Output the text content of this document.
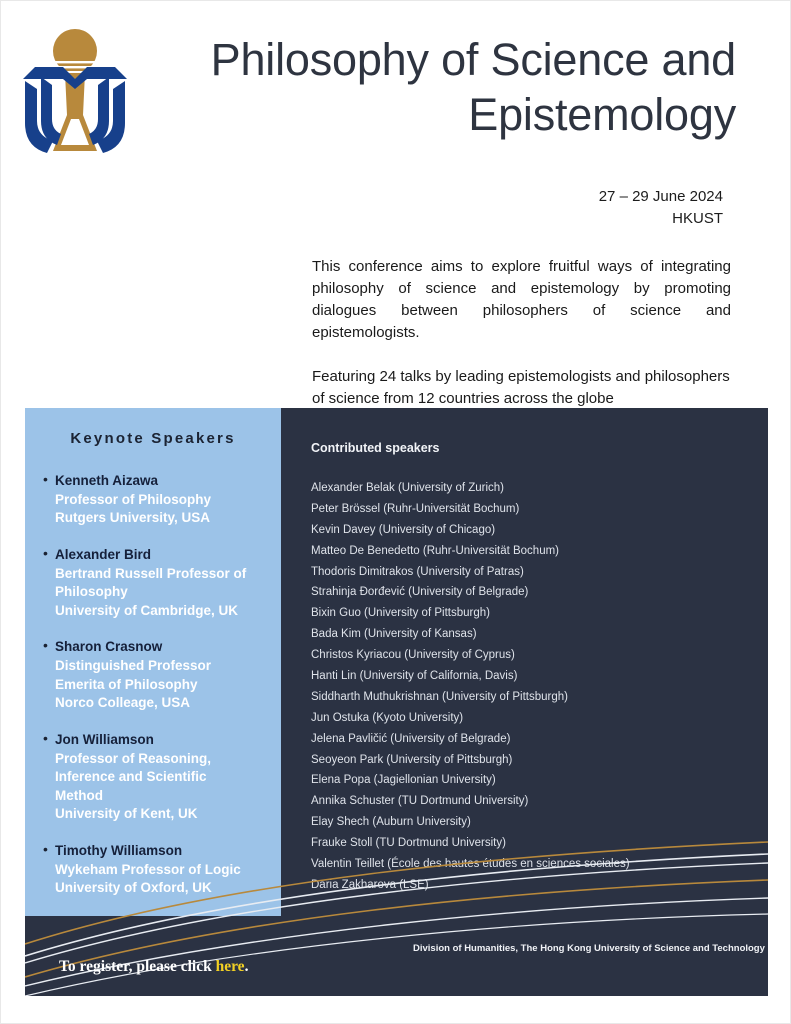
Philosophy of Science and
Epistemology
27 – 29 June 2024
HKUST

This conference aims to explore fruitful ways of integrating philosophy of science and epistemology by promoting dialogues between philosophers of science and epistemologists.

Featuring 24 talks by leading epistemologists and philosophers of science from 12 countries across the globe

Keynote Speakers
• Kenneth Aizawa
Professor of Philosophy
Rutgers University, USA
• Alexander Bird
Bertrand Russell Professor of
Philosophy
University of Cambridge, UK
• Sharon Crasnow
Distinguished Professor
Emerita of Philosophy
Norco Colleage, USA
• Jon Williamson
Professor of Reasoning,
Inference and Scientific
Method
University of Kent, UK
• Timothy Williamson
Wykeham Professor of Logic
University of Oxford, UK
Contributed speakers
Alexander Belak (University of Zurich)
Peter Brössel (Ruhr-Universität Bochum)
Kevin Davey (University of Chicago)
Matteo De Benedetto (Ruhr-Universität Bochum)
Thodoris Dimitrakos (University of Patras)
Strahinja Đorđević (University of Belgrade)
Bixin Guo (University of Pittsburgh)
Bada Kim (University of Kansas)
Christos Kyriacou (University of Cyprus)
Hanti Lin (University of California, Davis)
Siddharth Muthukrishnan (University of Pittsburgh)
Jun Ostuka (Kyoto University)
Jelena Pavličić (University of Belgrade)
Seoyeon Park (University of Pittsburgh)
Elena Popa (Jagiellonian University)
Annika Schuster (TU Dortmund University)
Elay Shech (Auburn University)
Frauke Stoll (TU Dortmund University)
Valentin Teillet (École des hautes études en sciences sociales)
Daria Zakharova (LSE)
To register, please click here.
Division of Humanities, The Hong Kong University of Science and Technology
